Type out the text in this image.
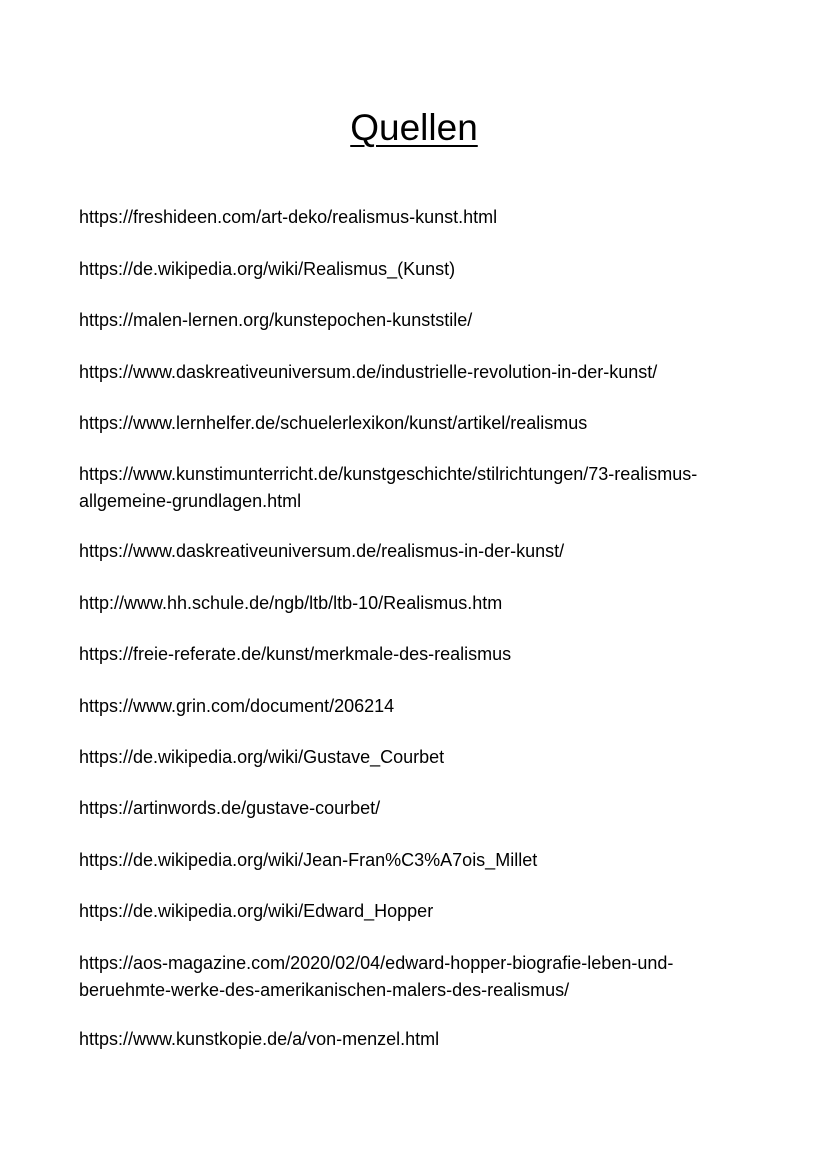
Quellen
https://freshideen.com/art-deko/realismus-kunst.html
https://de.wikipedia.org/wiki/Realismus_(Kunst)
https://malen-lernen.org/kunstepochen-kunststile/
https://www.daskreativeuniversum.de/industrielle-revolution-in-der-kunst/
https://www.lernhelfer.de/schuelerlexikon/kunst/artikel/realismus
https://www.kunstimunterricht.de/kunstgeschichte/stilrichtungen/73-realismus-
allgemeine-grundlagen.html
https://www.daskreativeuniversum.de/realismus-in-der-kunst/
http://www.hh.schule.de/ngb/ltb/ltb-10/Realismus.htm
https://freie-referate.de/kunst/merkmale-des-realismus
https://www.grin.com/document/206214
https://de.wikipedia.org/wiki/Gustave_Courbet
https://artinwords.de/gustave-courbet/
https://de.wikipedia.org/wiki/Jean-Fran%C3%A7ois_Millet
https://de.wikipedia.org/wiki/Edward_Hopper
https://aos-magazine.com/2020/02/04/edward-hopper-biografie-leben-und-
beruehmte-werke-des-amerikanischen-malers-des-realismus/
https://www.kunstkopie.de/a/von-menzel.html
